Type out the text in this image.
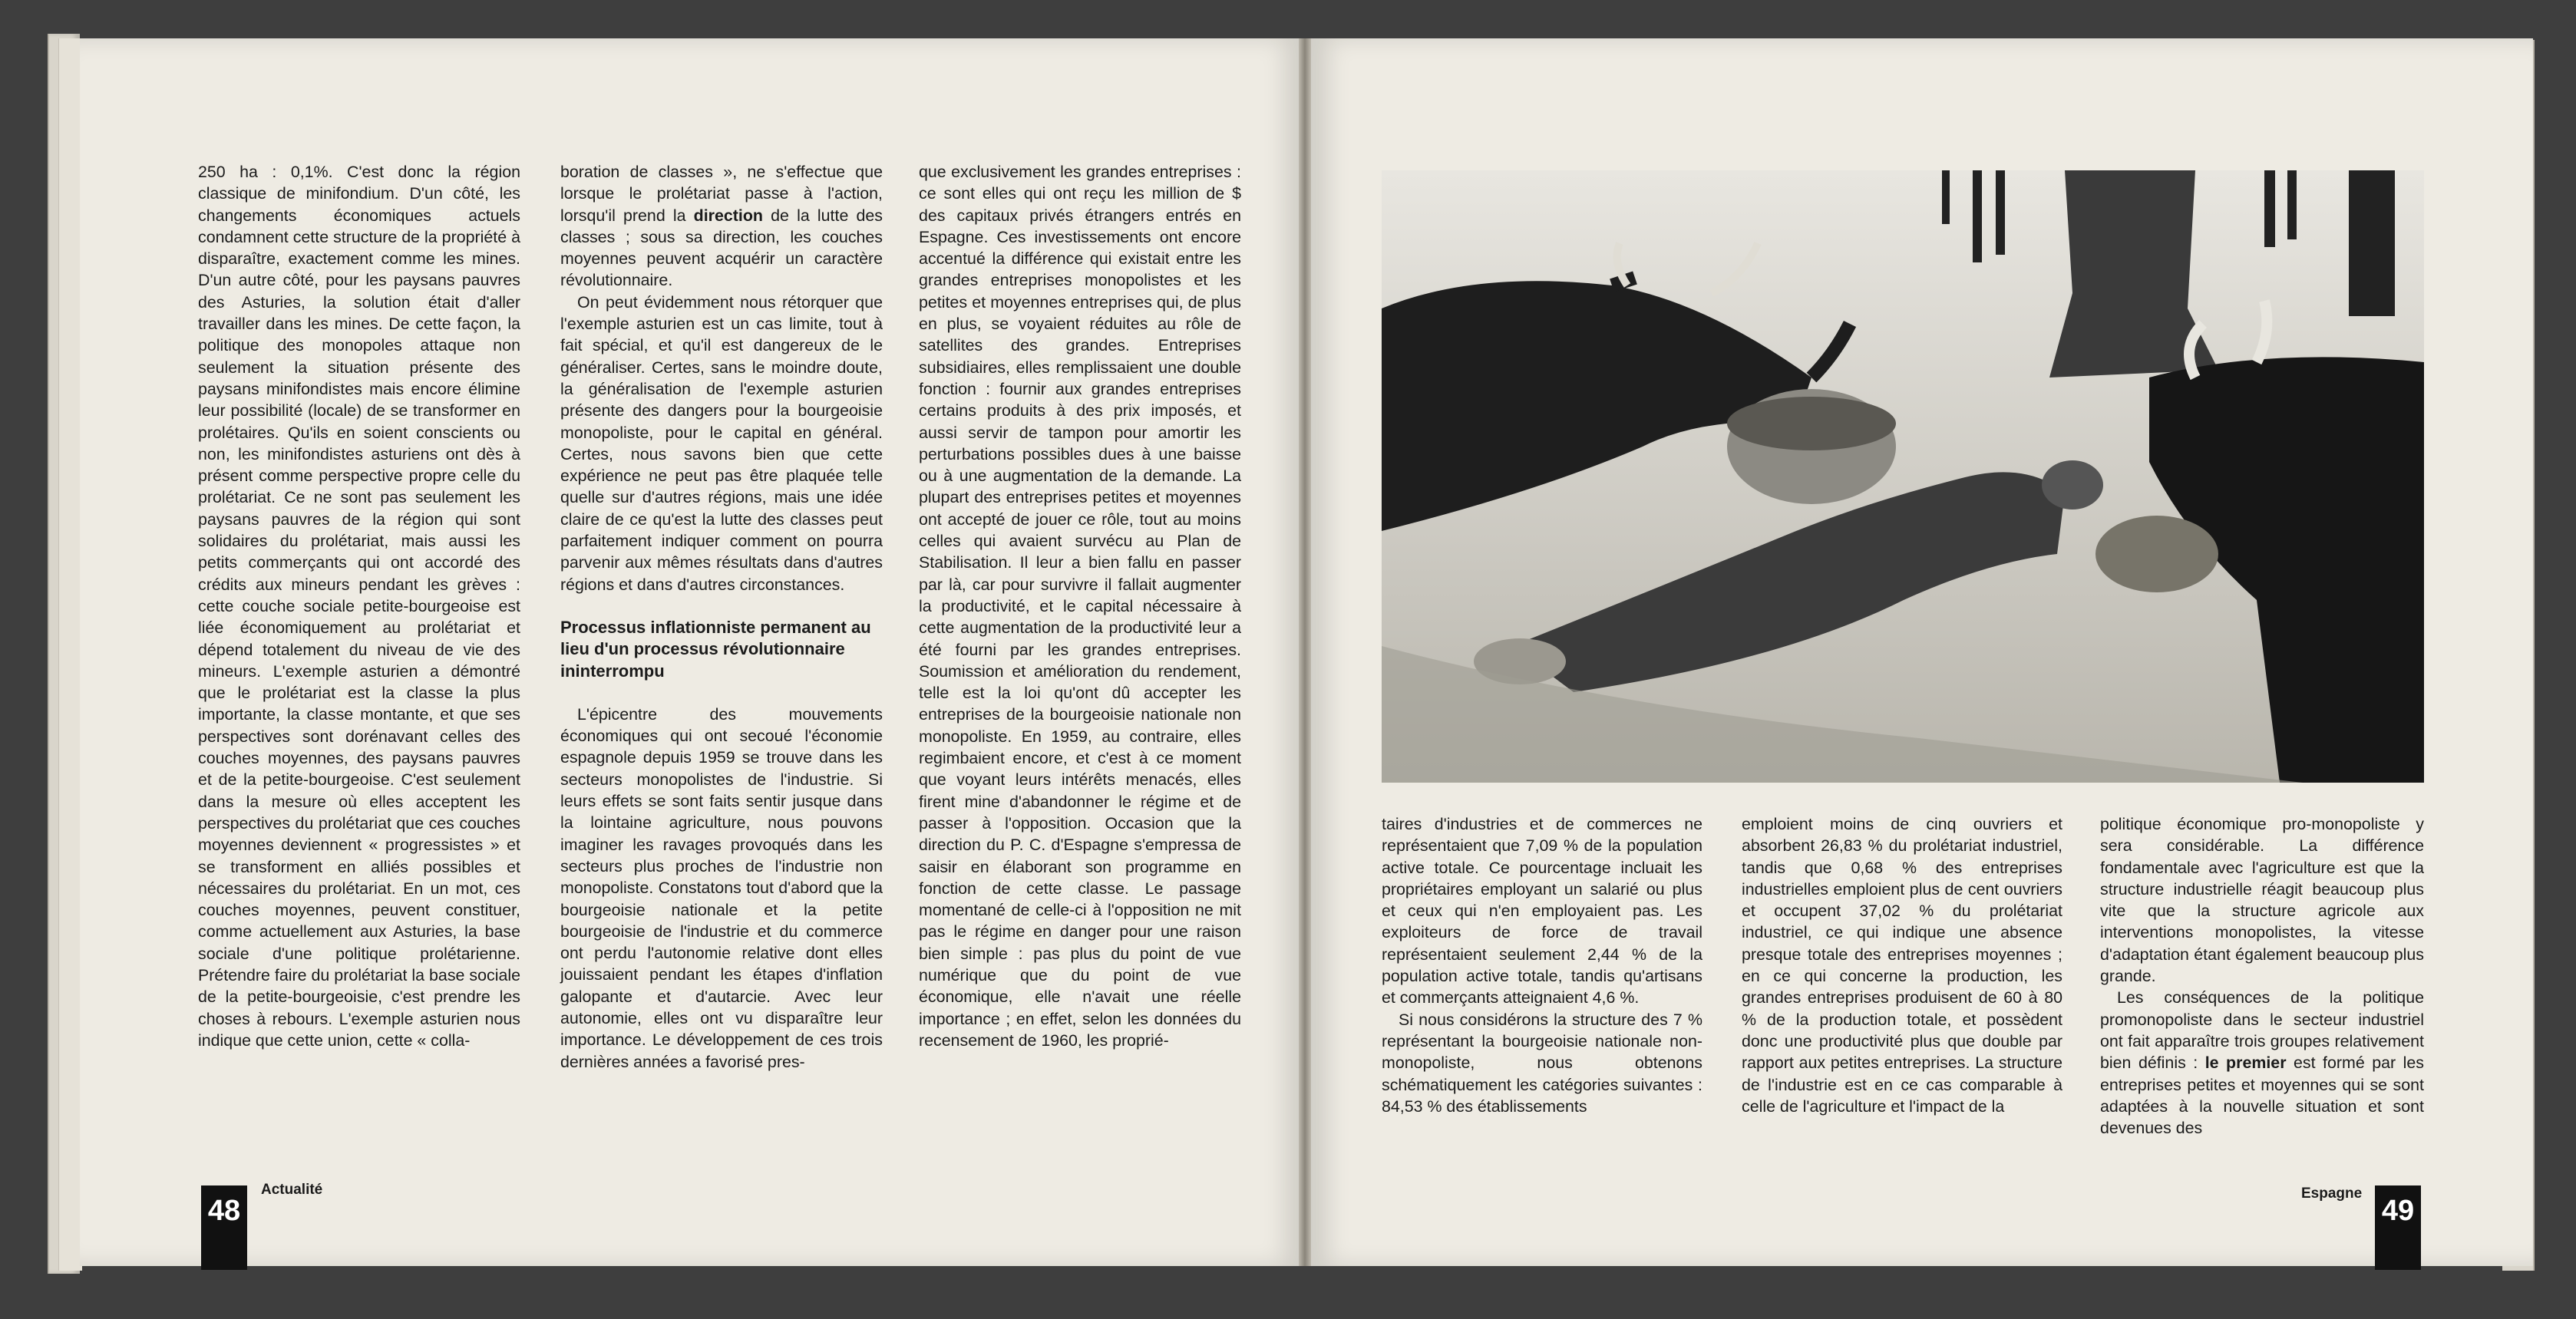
250 ha : 0,1%. C'est donc la région classique de minifondium. D'un côté, les changements économiques actuels condamnent cette structure de la propriété à disparaître, exactement comme les mines. D'un autre côté, pour les paysans pauvres des Asturies, la solution était d'aller travailler dans les mines. De cette façon, la politique des monopoles attaque non seulement la situation présente des paysans minifondistes mais encore élimine leur possibilité (locale) de se transformer en prolétaires. Qu'ils en soient conscients ou non, les minifondistes asturiens ont dès à présent comme perspective propre celle du prolétariat. Ce ne sont pas seulement les paysans pauvres de la région qui sont solidaires du prolétariat, mais aussi les petits commerçants qui ont accordé des crédits aux mineurs pendant les grèves : cette couche sociale petite-bourgeoise est liée économiquement au prolétariat et dépend totalement du niveau de vie des mineurs. L'exemple asturien a démontré que le prolétariat est la classe la plus importante, la classe montante, et que ses perspectives sont dorénavant celles des couches moyennes, des paysans pauvres et de la petite-bourgeoise. C'est seulement dans la mesure où elles acceptent les perspectives du prolétariat que ces couches moyennes deviennent « progressistes » et se transforment en alliés possibles et nécessaires du prolétariat. En un mot, ces couches moyennes, peuvent constituer, comme actuellement aux Asturies, la base sociale d'une politique prolétarienne. Prétendre faire du prolétariat la base sociale de la petite-bourgeoisie, c'est prendre les choses à rebours. L'exemple asturien nous indique que cette union, cette « colla-

boration de classes », ne s'effectue que lorsque le prolétariat passe à l'action, lorsqu'il prend la direction de la lutte des classes ; sous sa direction, les couches moyennes peuvent acquérir un caractère révolutionnaire.

On peut évidemment nous rétorquer que l'exemple asturien est un cas limite, tout à fait spécial, et qu'il est dangereux de le généraliser. Certes, sans le moindre doute, la généralisation de l'exemple asturien présente des dangers pour la bourgeoisie monopoliste, pour le capital en général. Certes, nous savons bien que cette expérience ne peut pas être plaquée telle quelle sur d'autres régions, mais une idée claire de ce qu'est la lutte des classes peut parfaitement indiquer comment on pourra parvenir aux mêmes résultats dans d'autres régions et dans d'autres circonstances.

Processus inflationniste permanent au lieu d'un processus révolutionnaire ininterrompu

L'épicentre des mouvements économiques qui ont secoué l'économie espagnole depuis 1959 se trouve dans les secteurs monopolistes de l'industrie. Si leurs effets se sont faits sentir jusque dans la lointaine agriculture, nous pouvons imaginer les ravages provoqués dans les secteurs plus proches de l'industrie non monopoliste. Constatons tout d'abord que la bourgeoisie nationale et la petite bourgeoisie de l'industrie et du commerce ont perdu l'autonomie relative dont elles jouissaient pendant les étapes d'inflation galopante et d'autarcie. Avec leur autonomie, elles ont vu disparaître leur importance. Le développement de ces trois dernières années a favorisé pres-

que exclusivement les grandes entreprises : ce sont elles qui ont reçu les million de $ des capitaux privés étrangers entrés en Espagne. Ces investissements ont encore accentué la différence qui existait entre les grandes entreprises monopolistes et les petites et moyennes entreprises qui, de plus en plus, se voyaient réduites au rôle de satellites des grandes. Entreprises subsidiaires, elles remplissaient une double fonction : fournir aux grandes entreprises certains produits à des prix imposés, et aussi servir de tampon pour amortir les perturbations possibles dues à une baisse ou à une augmentation de la demande. La plupart des entreprises petites et moyennes ont accepté de jouer ce rôle, tout au moins celles qui avaient survécu au Plan de Stabilisation. Il leur a bien fallu en passer par là, car pour survivre il fallait augmenter la productivité, et le capital nécessaire à cette augmentation de la productivité leur a été fourni par les grandes entreprises. Soumission et amélioration du rendement, telle est la loi qu'ont dû accepter les entreprises de la bourgeoisie nationale non monopoliste. En 1959, au contraire, elles regimbaient encore, et c'est à ce moment que voyant leurs intérêts menacés, elles firent mine d'abandonner le régime et de passer à l'opposition. Occasion que la direction du P. C. d'Espagne s'empressa de saisir en élaborant son programme en fonction de cette classe. Le passage momentané de celle-ci à l'opposition ne mit pas le régime en danger pour une raison bien simple : pas plus du point de vue numérique que du point de vue économique, elle n'avait une réelle importance ; en effet, selon les données du recensement de 1960, les proprié-

48
Actualité

taires d'industries et de commerces ne représentaient que 7,09 % de la population active totale. Ce pourcentage incluait les propriétaires employant un salarié ou plus et ceux qui n'en employaient pas. Les exploiteurs de force de travail représentaient seulement 2,44 % de la population active totale, tandis qu'artisans et commerçants atteignaient 4,6 %.

Si nous considérons la structure des 7 % représentant la bourgeoisie nationale non-monopoliste, nous obtenons schématiquement les catégories suivantes : 84,53 % des établissements

emploient moins de cinq ouvriers et absorbent 26,83 % du prolétariat industriel, tandis que 0,68 % des entreprises industrielles emploient plus de cent ouvriers et occupent 37,02 % du prolétariat industriel, ce qui indique une absence presque totale des entreprises moyennes ; en ce qui concerne la production, les grandes entreprises produisent de 60 à 80 % de la production totale, et possèdent donc une productivité plus que double par rapport aux petites entreprises. La structure de l'industrie est en ce cas comparable à celle de l'agriculture et l'impact de la

politique économique pro-monopoliste y sera considérable. La différence fondamentale avec l'agriculture est que la structure industrielle réagit beaucoup plus vite que la structure agricole aux interventions monopolistes, la vitesse d'adaptation étant également beaucoup plus grande.

Les conséquences de la politique promonopoliste dans le secteur industriel ont fait apparaître trois groupes relativement bien définis : le premier est formé par les entreprises petites et moyennes qui se sont adaptées à la nouvelle situation et sont devenues des

Espagne
49
